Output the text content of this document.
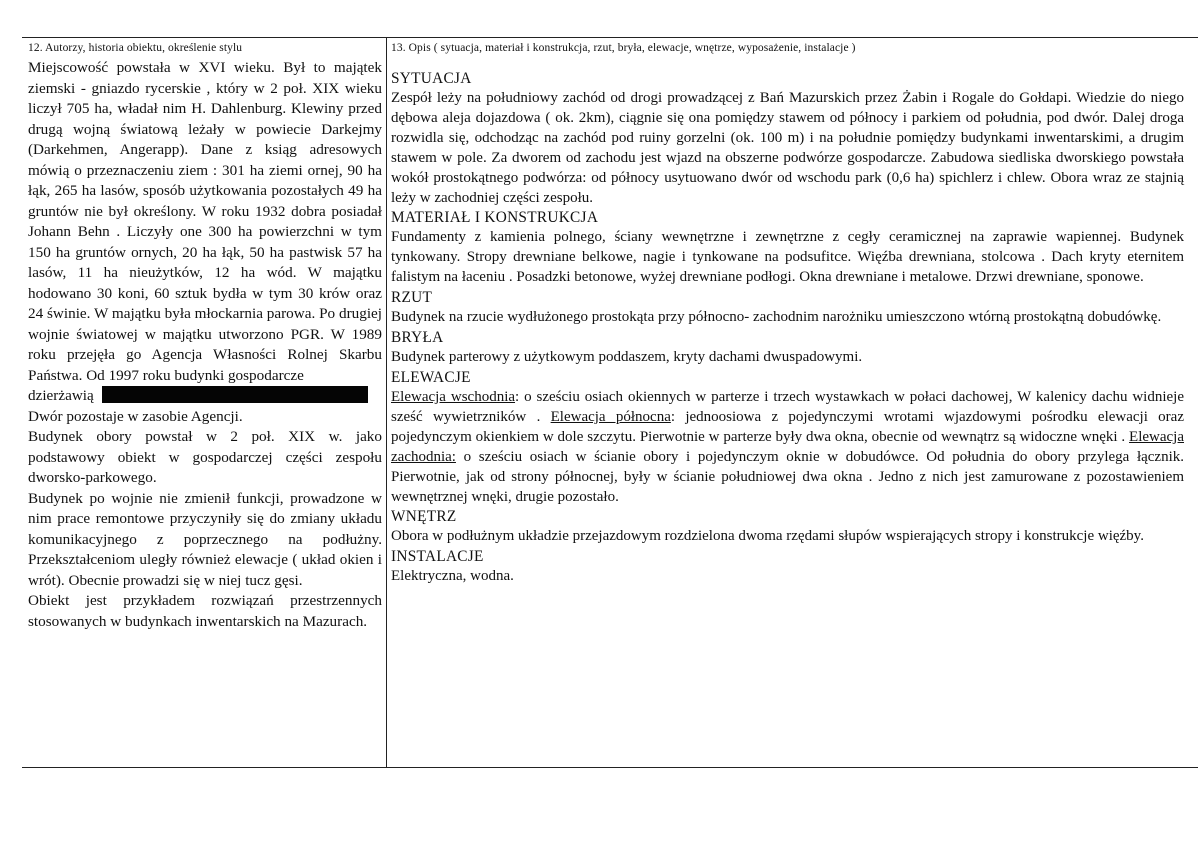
12. Autorzy, historia obiektu, określenie stylu

Miejscowość powstała w XVI wieku. Był to majątek ziemski - gniazdo rycerskie , który w 2 poł. XIX wieku liczył 705 ha, władał nim H. Dahlenburg. Klewiny przed drugą wojną światową leżały w powiecie Darkejmy (Darkehmen, Angerapp). Dane z ksiąg adresowych mówią o przeznaczeniu ziem : 301 ha ziemi ornej, 90 ha łąk, 265 ha lasów, sposób użytkowania pozostałych 49 ha gruntów nie był określony. W roku 1932 dobra posiadał Johann Behn . Liczyły one 300 ha powierzchni w tym 150 ha gruntów ornych, 20 ha łąk, 50 ha pastwisk 57 ha lasów, 11 ha nieużytków, 12 ha wód. W majątku hodowano 30 koni, 60 sztuk bydła w tym 30 krów oraz 24 świnie. W majątku była młockarnia parowa. Po drugiej wojnie światowej w majątku utworzono PGR. W 1989 roku przejęła go Agencja Własności Rolnej Skarbu Państwa. Od 1997 roku budynki gospodarcze

dzierżawią

Dwór pozostaje w zasobie Agencji.

Budynek obory powstał w 2 poł. XIX w. jako podstawowy obiekt w gospodarczej części zespołu dworsko-parkowego.

Budynek po wojnie nie zmienił funkcji, prowadzone w nim prace remontowe przyczyniły się do zmiany układu komunikacyjnego z poprzecznego na podłużny. Przekształceniom uległy również elewacje ( układ okien i wrót). Obecnie prowadzi się w niej tucz gęsi.

Obiekt jest przykładem rozwiązań przestrzennych stosowanych w budynkach inwentarskich na Mazurach.

13. Opis ( sytuacja, materiał i konstrukcja, rzut, bryła, elewacje, wnętrze, wyposażenie, instalacje )
SYTUACJA

Zespół leży na południowy zachód od drogi prowadzącej z Bań Mazurskich przez Żabin i Rogale do Gołdapi. Wiedzie do niego dębowa aleja dojazdowa ( ok. 2km), ciągnie się ona pomiędzy stawem od północy i parkiem od południa, pod dwór. Dalej droga rozwidla się, odchodząc na zachód pod ruiny gorzelni (ok. 100 m) i na południe pomiędzy budynkami inwentarskimi, a drugim stawem w pole. Za dworem od zachodu jest wjazd na obszerne podwórze gospodarcze. Zabudowa siedliska dworskiego powstała wokół prostokątnego podwórza: od północy usytuowano dwór od wschodu park (0,6 ha) spichlerz i chlew. Obora wraz ze stajnią leży w zachodniej części zespołu.

MATERIAŁ I KONSTRUKCJA

Fundamenty z kamienia polnego, ściany wewnętrzne i zewnętrzne z cegły ceramicznej na zaprawie wapiennej. Budynek tynkowany. Stropy drewniane belkowe, nagie i tynkowane na podsufitce. Więźba drewniana, stolcowa . Dach kryty eternitem falistym na łaceniu . Posadzki betonowe, wyżej drewniane podłogi. Okna drewniane i metalowe. Drzwi drewniane, sponowe.

RZUT

Budynek na rzucie wydłużonego prostokąta przy północno- zachodnim narożniku umieszczono wtórną prostokątną dobudówkę.

BRYŁA

Budynek parterowy z użytkowym poddaszem, kryty dachami dwuspadowymi.

ELEWACJE

Elewacja wschodnia: o sześciu osiach okiennych w parterze i trzech wystawkach w połaci dachowej, W kalenicy dachu widnieje sześć wywietrzników . Elewacja północna: jednoosiowa z pojedynczymi wrotami wjazdowymi pośrodku elewacji oraz pojedynczym okienkiem w dole szczytu. Pierwotnie w parterze były dwa okna, obecnie od wewnątrz są widoczne wnęki . Elewacja zachodnia: o sześciu osiach w ścianie obory i pojedynczym oknie w dobudówce. Od południa do obory przylega łącznik. Pierwotnie, jak od strony północnej, były w ścianie południowej dwa okna . Jedno z nich jest zamurowane z pozostawieniem wewnętrznej wnęki, drugie pozostało.

WNĘTRZ

Obora w podłużnym układzie przejazdowym rozdzielona dwoma rzędami słupów wspierających stropy i konstrukcje więźby.

INSTALACJE

Elektryczna, wodna.
